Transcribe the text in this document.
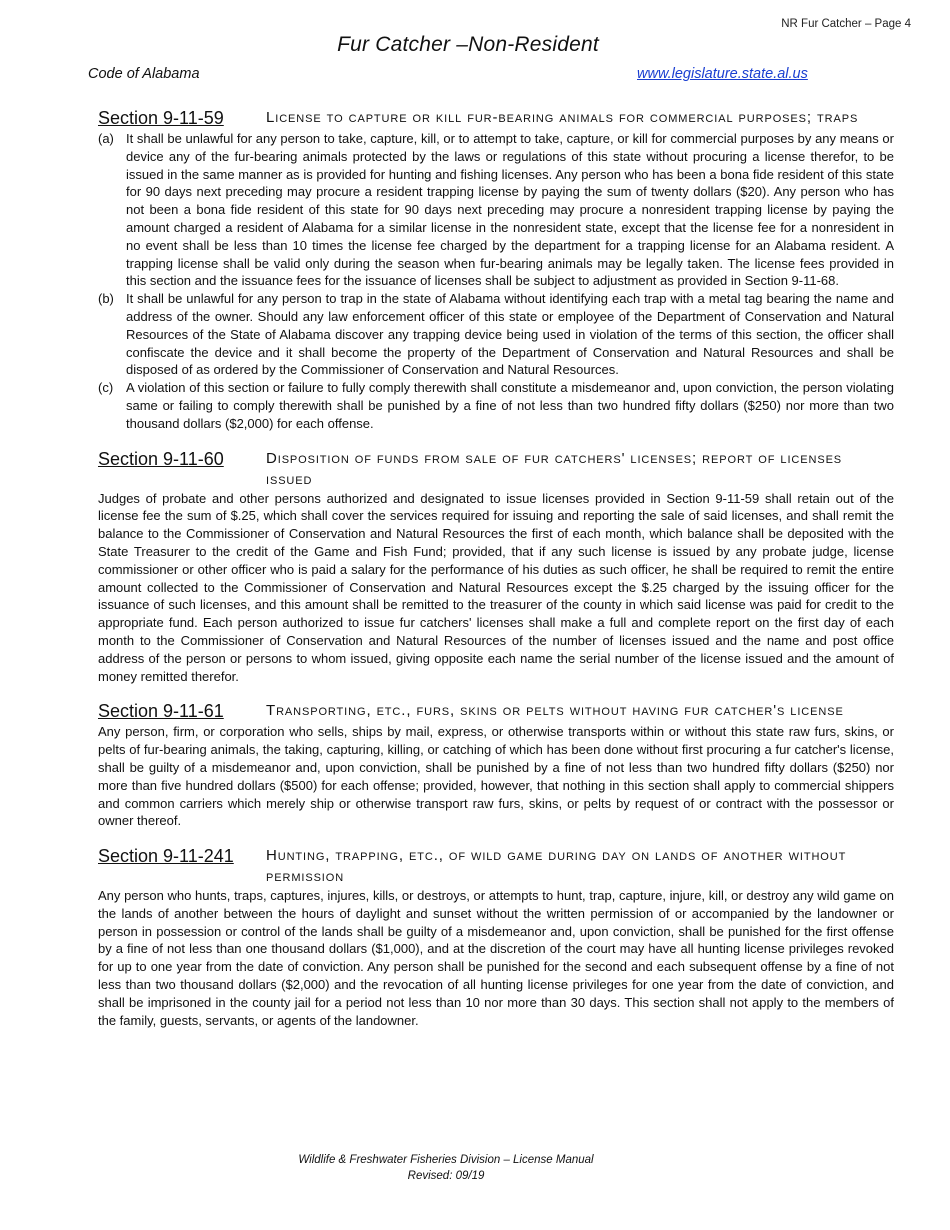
NR Fur Catcher – Page 4
Fur Catcher –Non-Resident
Code of Alabama	www.legislature.state.al.us
Section 9-11-59	License to capture or kill fur-bearing animals for commercial purposes; traps
(a) It shall be unlawful for any person to take, capture, kill, or to attempt to take, capture, or kill for commercial purposes by any means or device any of the fur-bearing animals protected by the laws or regulations of this state without procuring a license therefor, to be issued in the same manner as is provided for hunting and fishing licenses. Any person who has been a bona fide resident of this state for 90 days next preceding may procure a resident trapping license by paying the sum of twenty dollars ($20). Any person who has not been a bona fide resident of this state for 90 days next preceding may procure a nonresident trapping license by paying the amount charged a resident of Alabama for a similar license in the nonresident state, except that the license fee for a nonresident in no event shall be less than 10 times the license fee charged by the department for a trapping license for an Alabama resident. A trapping license shall be valid only during the season when fur-bearing animals may be legally taken. The license fees provided in this section and the issuance fees for the issuance of licenses shall be subject to adjustment as provided in Section 9-11-68.
(b) It shall be unlawful for any person to trap in the state of Alabama without identifying each trap with a metal tag bearing the name and address of the owner. Should any law enforcement officer of this state or employee of the Department of Conservation and Natural Resources of the State of Alabama discover any trapping device being used in violation of the terms of this section, the officer shall confiscate the device and it shall become the property of the Department of Conservation and Natural Resources and shall be disposed of as ordered by the Commissioner of Conservation and Natural Resources.
(c) A violation of this section or failure to fully comply therewith shall constitute a misdemeanor and, upon conviction, the person violating same or failing to comply therewith shall be punished by a fine of not less than two hundred fifty dollars ($250) nor more than two thousand dollars ($2,000) for each offense.
Section 9-11-60	Disposition of funds from sale of fur catchers' licenses; report of licenses issued
Judges of probate and other persons authorized and designated to issue licenses provided in Section 9-11-59 shall retain out of the license fee the sum of $.25, which shall cover the services required for issuing and reporting the sale of said licenses, and shall remit the balance to the Commissioner of Conservation and Natural Resources the first of each month, which balance shall be deposited with the State Treasurer to the credit of the Game and Fish Fund; provided, that if any such license is issued by any probate judge, license commissioner or other officer who is paid a salary for the performance of his duties as such officer, he shall be required to remit the entire amount collected to the Commissioner of Conservation and Natural Resources except the $.25 charged by the issuing officer for the issuance of such licenses, and this amount shall be remitted to the treasurer of the county in which said license was paid for credit to the appropriate fund. Each person authorized to issue fur catchers' licenses shall make a full and complete report on the first day of each month to the Commissioner of Conservation and Natural Resources of the number of licenses issued and the name and post office address of the person or persons to whom issued, giving opposite each name the serial number of the license issued and the amount of money remitted therefor.
Section 9-11-61	Transporting, etc., furs, skins or pelts without having fur catcher's license
Any person, firm, or corporation who sells, ships by mail, express, or otherwise transports within or without this state raw furs, skins, or pelts of fur-bearing animals, the taking, capturing, killing, or catching of which has been done without first procuring a fur catcher's license, shall be guilty of a misdemeanor and, upon conviction, shall be punished by a fine of not less than two hundred fifty dollars ($250) nor more than five hundred dollars ($500) for each offense; provided, however, that nothing in this section shall apply to commercial shippers and common carriers which merely ship or otherwise transport raw furs, skins, or pelts by request of or contract with the possessor or owner thereof.
Section 9-11-241	Hunting, trapping, etc., of wild game during day on lands of another without permission
Any person who hunts, traps, captures, injures, kills, or destroys, or attempts to hunt, trap, capture, injure, kill, or destroy any wild game on the lands of another between the hours of daylight and sunset without the written permission of or accompanied by the landowner or person in possession or control of the lands shall be guilty of a misdemeanor and, upon conviction, shall be punished for the first offense by a fine of not less than one thousand dollars ($1,000), and at the discretion of the court may have all hunting license privileges revoked for up to one year from the date of conviction. Any person shall be punished for the second and each subsequent offense by a fine of not less than two thousand dollars ($2,000) and the revocation of all hunting license privileges for one year from the date of conviction, and shall be imprisoned in the county jail for a period not less than 10 nor more than 30 days. This section shall not apply to the members of the family, guests, servants, or agents of the landowner.
Wildlife & Freshwater Fisheries Division – License Manual
Revised: 09/19
